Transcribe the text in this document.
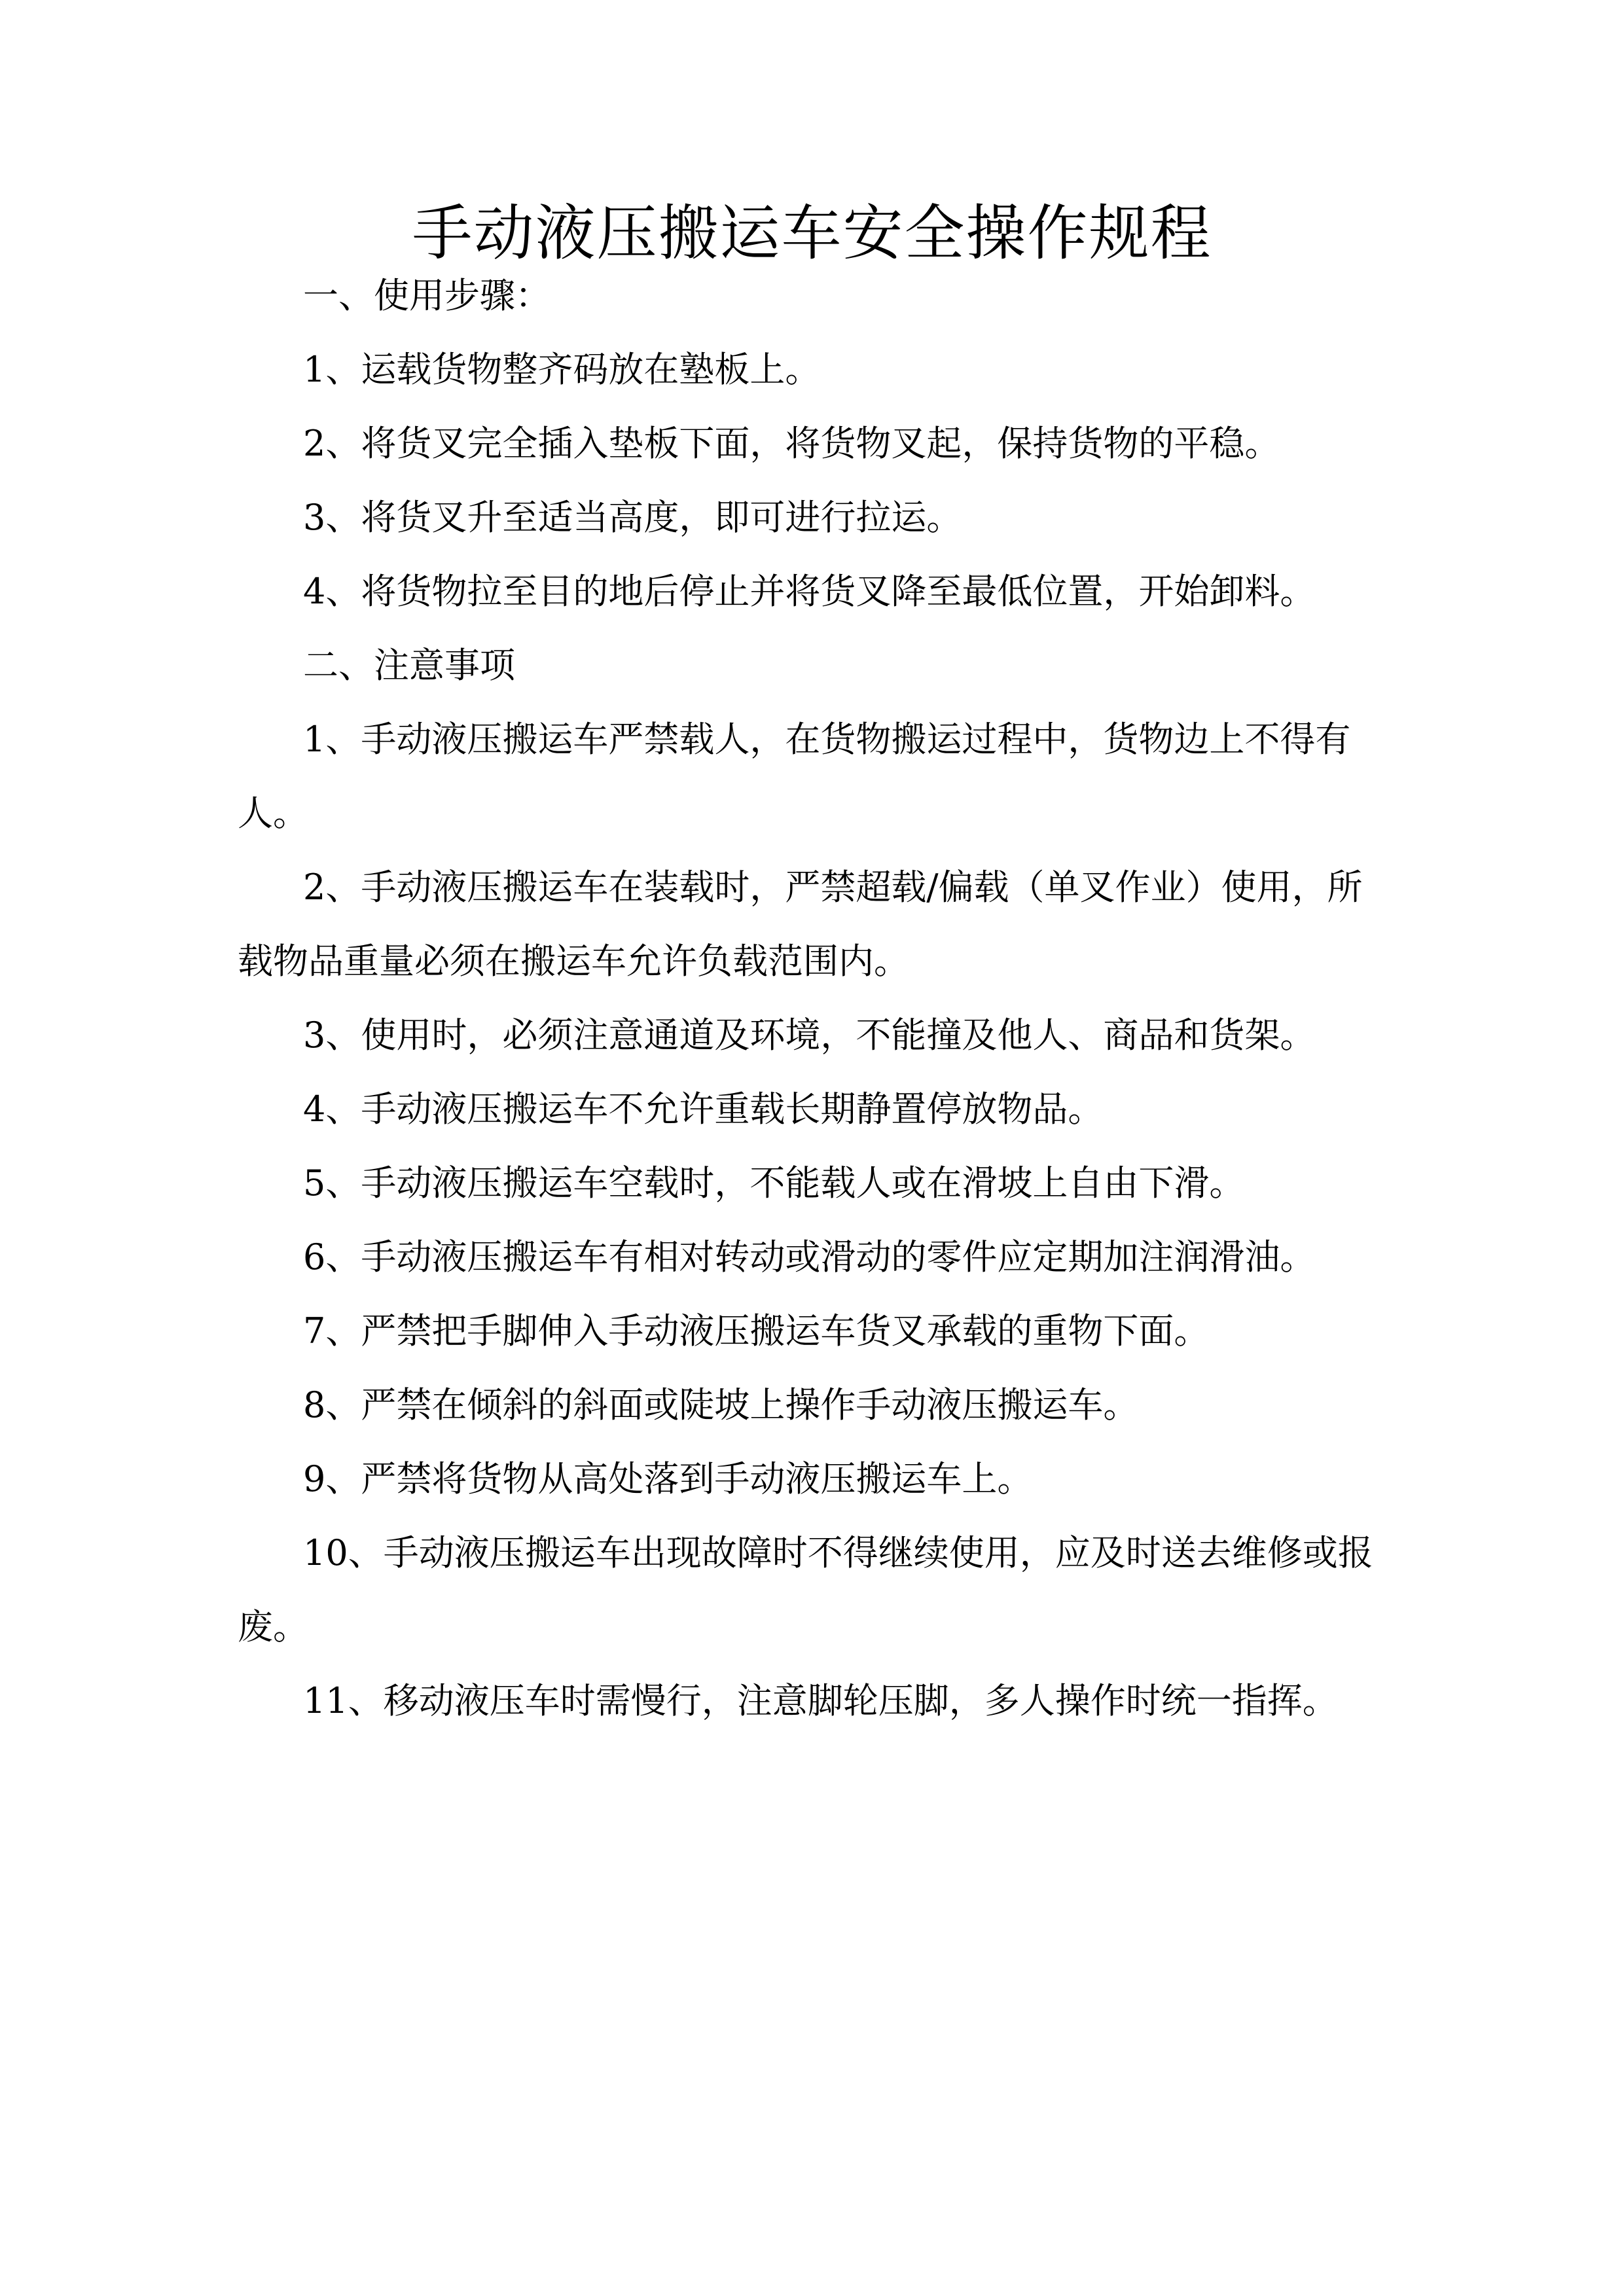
手动液压搬运车安全操作规程

一、使用步骤：

1、运载货物整齐码放在塾板上。

2、将货叉完全插入垫板下面，将货物叉起，保持货物的平稳。

3、将货叉升至适当高度，即可进行拉运。

4、将货物拉至目的地后停止并将货叉降至最低位置，开始卸料。

二、注意事项

1、手动液压搬运车严禁载人，在货物搬运过程中，货物边上不得有人。

2、手动液压搬运车在装载时，严禁超载/偏载（单叉作业）使用，所载物品重量必须在搬运车允许负载范围内。

3、使用时，必须注意通道及环境，不能撞及他人、商品和货架。

4、手动液压搬运车不允许重载长期静置停放物品。

5、手动液压搬运车空载时，不能载人或在滑坡上自由下滑。

6、手动液压搬运车有相对转动或滑动的零件应定期加注润滑油。

7、严禁把手脚伸入手动液压搬运车货叉承载的重物下面。

8、严禁在倾斜的斜面或陡坡上操作手动液压搬运车。

9、严禁将货物从高处落到手动液压搬运车上。

10、手动液压搬运车出现故障时不得继续使用，应及时送去维修或报废。

11、移动液压车时需慢行，注意脚轮压脚，多人操作时统一指挥。
